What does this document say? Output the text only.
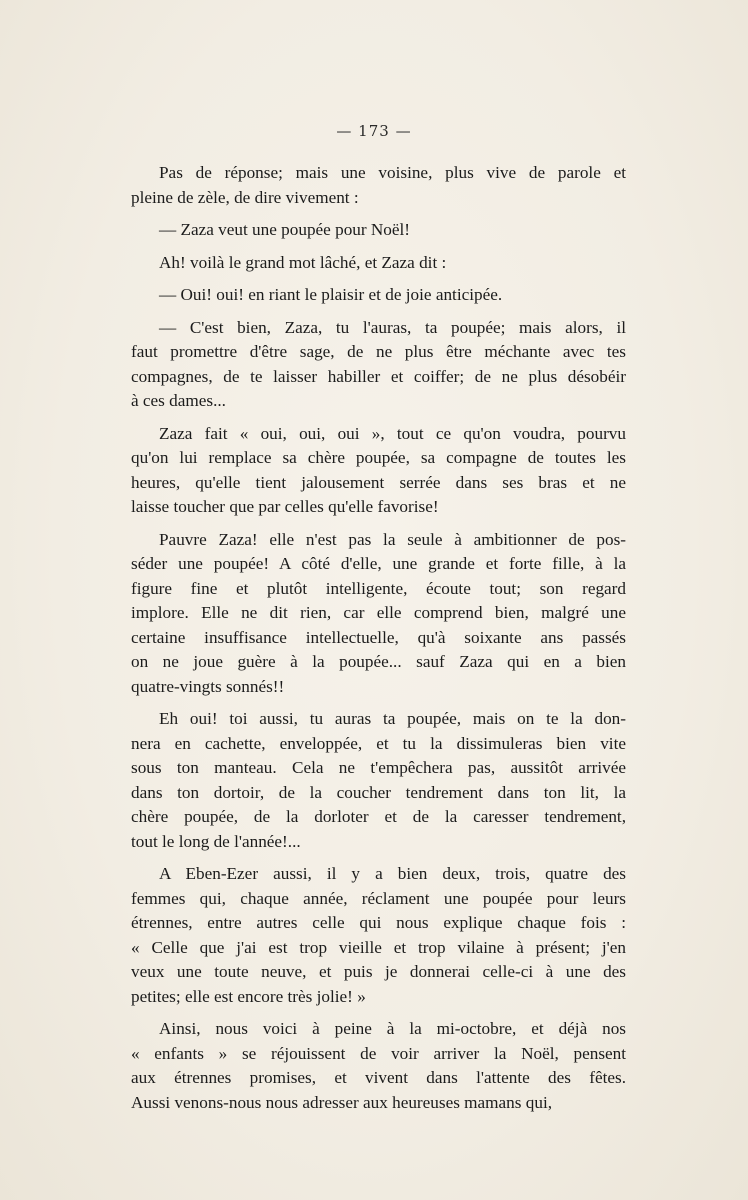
— 173 —
Pas de réponse; mais une voisine, plus vive de parole et
pleine de zèle, de dire vivement :
— Zaza veut une poupée pour Noël!
Ah! voilà le grand mot lâché, et Zaza dit :
— Oui! oui! en riant le plaisir et de joie anticipée.
— C'est bien, Zaza, tu l'auras, ta poupée; mais alors, il
faut promettre d'être sage, de ne plus être méchante avec tes
compagnes, de te laisser habiller et coiffer; de ne plus désobéir
à ces dames...
Zaza fait « oui, oui, oui », tout ce qu'on voudra, pourvu
qu'on lui remplace sa chère poupée, sa compagne de toutes les
heures, qu'elle tient jalousement serrée dans ses bras et ne
laisse toucher que par celles qu'elle favorise!
Pauvre Zaza! elle n'est pas la seule à ambitionner de pos-
séder une poupée! A côté d'elle, une grande et forte fille, à la
figure fine et plutôt intelligente, écoute tout; son regard
implore. Elle ne dit rien, car elle comprend bien, malgré une
certaine insuffisance intellectuelle, qu'à soixante ans passés
on ne joue guère à la poupée... sauf Zaza qui en a bien
quatre-vingts sonnés!!
Eh oui! toi aussi, tu auras ta poupée, mais on te la don-
nera en cachette, enveloppée, et tu la dissimuleras bien vite
sous ton manteau. Cela ne t'empêchera pas, aussitôt arrivée
dans ton dortoir, de la coucher tendrement dans ton lit, la
chère poupée, de la dorloter et de la caresser tendrement,
tout le long de l'année!...
A Eben-Ezer aussi, il y a bien deux, trois, quatre des
femmes qui, chaque année, réclament une poupée pour leurs
étrennes, entre autres celle qui nous explique chaque fois :
« Celle que j'ai est trop vieille et trop vilaine à présent; j'en
veux une toute neuve, et puis je donnerai celle-ci à une des
petites; elle est encore très jolie! »
Ainsi, nous voici à peine à la mi-octobre, et déjà nos
« enfants » se réjouissent de voir arriver la Noël, pensent
aux étrennes promises, et vivent dans l'attente des fêtes.
Aussi venons-nous nous adresser aux heureuses mamans qui,
